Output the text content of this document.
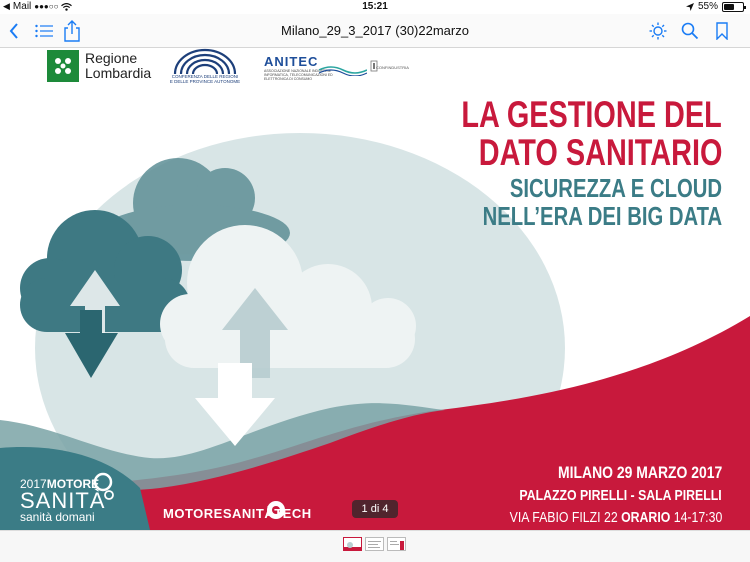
◀ Mail ●●●○○	15:21	55%
Milano_29_3_2017 (30)22marzo
Regione
Lombardia	CONFERENZA DELLE REGIONI
E DELLE PROVINCE AUTONOME
ANITEC
ASSOCIAZIONE NAZIONALE INDUSTRIE INFORMATICA, TELECOMUNICAZIONI ED ELETTRONICA DI CONSUMO
CONFINDUSTRIA
LA GESTIONE DEL
DATO SANITARIO
SICUREZZA E CLOUD
NELL’ERA DEI BIG DATA
MILANO 29 MARZO 2017
PALAZZO PIRELLI - SALA PIRELLI
VIA FABIO FILZI 22 ORARIO 14-17:30
2017MOTORE
SANITÀ
sanità domani	MOTORESANITÀTECH	1 di 4
